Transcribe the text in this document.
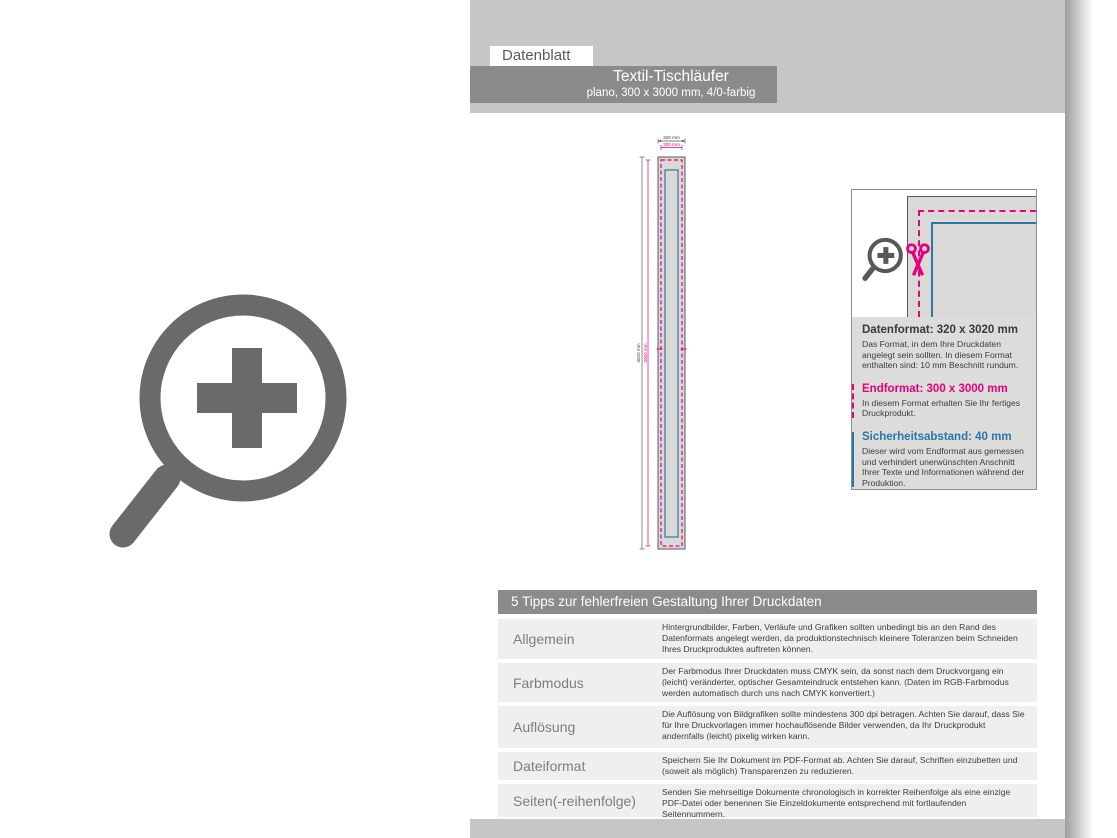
Datenblatt
Textil-Tischläufer
plano, 300 x 3000 mm, 4/0-farbig
320 mm
300 mm
3020 mm 3000 mm
Datenformat: 320 x 3020 mm
Das Format, in dem Ihre Druckdaten angelegt sein sollten. In diesem Format enthalten sind: 10 mm Beschnitt rundum.
Endformat: 300 x 3000 mm
In diesem Format erhalten Sie Ihr fertiges Druckprodukt.
Sicherheitsabstand: 40 mm
Dieser wird vom Endformat aus gemessen und verhindert unerwünschten Anschnitt Ihrer Texte und Informationen während der Produktion.
5 Tipps zur fehlerfreien Gestaltung Ihrer Druckdaten
Allgemein
Hintergrundbilder, Farben, Verläufe und Grafiken sollten unbedingt bis an den Rand des Datenformats angelegt werden, da produktionstechnisch kleinere Toleranzen beim Schneiden Ihres Druckproduktes auftreten können.
Farbmodus
Der Farbmodus Ihrer Druckdaten muss CMYK sein, da sonst nach dem Druckvorgang ein (leicht) veränderter, optischer Gesamteindruck entstehen kann. (Daten im RGB-Farbmodus werden automatisch durch uns nach CMYK konvertiert.)
Auflösung
Die Auflösung von Bildgrafiken sollte mindestens 300 dpi betragen. Achten Sie darauf, dass Sie für Ihre Druckvorlagen immer hochauflösende Bilder verwenden, da Ihr Druckprodukt andernfalls (leicht) pixelig wirken kann.
Dateiformat	Speichern Sie Ihr Dokument im PDF-Format ab. Achten Sie darauf, Schriften einzubetten und (soweit als möglich) Transparenzen zu reduzieren.
Seiten(-reihenfolge)
Senden Sie mehrseitige Dokumente chronologisch in korrekter Reihenfolge als eine einzige PDF-Datei oder benennen Sie Einzeldokumente entsprechend mit fortlaufenden Seitennummern.
